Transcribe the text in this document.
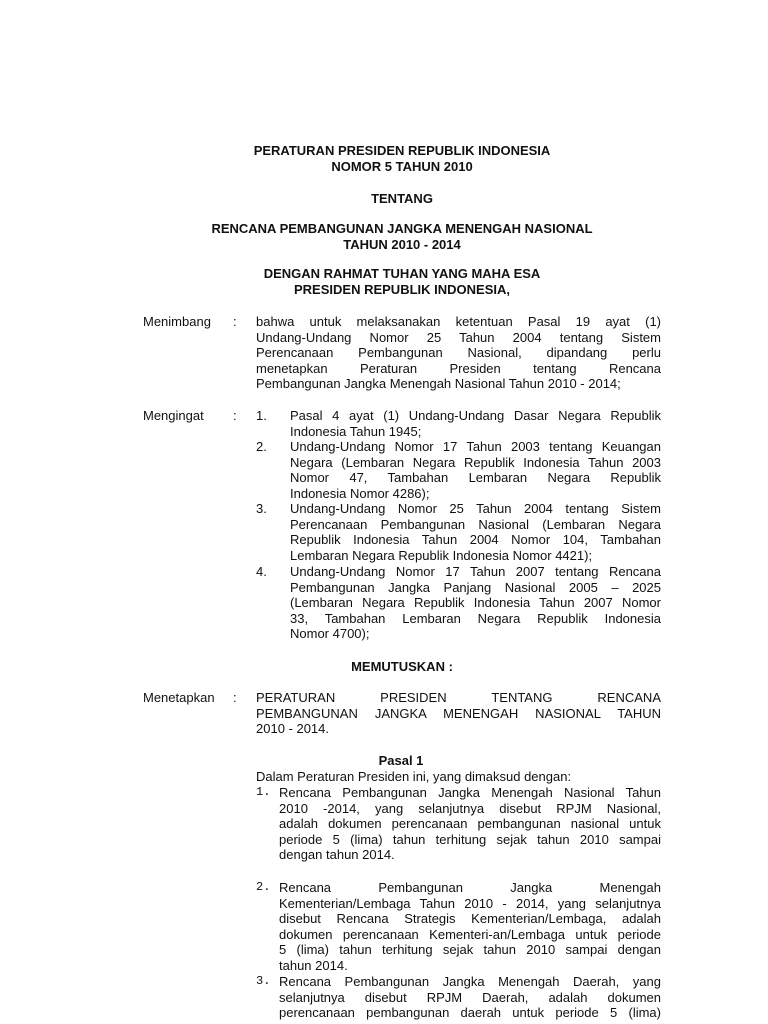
PERATURAN PRESIDEN REPUBLIK INDONESIA
NOMOR 5 TAHUN 2010
TENTANG
RENCANA PEMBANGUNAN JANGKA MENENGAH NASIONAL
TAHUN 2010 - 2014
DENGAN RAHMAT TUHAN YANG MAHA ESA
PRESIDEN REPUBLIK INDONESIA,
Menimbang : bahwa untuk melaksanakan ketentuan Pasal 19 ayat (1)
Undang-Undang Nomor 25 Tahun 2004 tentang Sistem
Perencanaan Pembangunan Nasional, dipandang perlu
menetapkan Peraturan Presiden tentang Rencana
Pembangunan Jangka Menengah Nasional Tahun 2010 - 2014;
Mengingat : 1. Pasal 4 ayat (1) Undang-Undang Dasar Negara Republik
Indonesia Tahun 1945;
2. Undang-Undang Nomor 17 Tahun 2003 tentang Keuangan
Negara (Lembaran Negara Republik Indonesia Tahun 2003
Nomor 47, Tambahan Lembaran Negara Republik
Indonesia Nomor 4286);
3. Undang-Undang Nomor 25 Tahun 2004 tentang Sistem
Perencanaan Pembangunan Nasional (Lembaran Negara
Republik Indonesia Tahun 2004 Nomor 104, Tambahan
Lembaran Negara Republik Indonesia Nomor 4421);
4. Undang-Undang Nomor 17 Tahun 2007 tentang Rencana
Pembangunan Jangka Panjang Nasional 2005 – 2025
(Lembaran Negara Republik Indonesia Tahun 2007 Nomor
33, Tambahan Lembaran Negara Republik Indonesia
Nomor 4700);
MEMUTUSKAN :
Menetapkan : PERATURAN PRESIDEN TENTANG RENCANA
PEMBANGUNAN JANGKA MENENGAH NASIONAL TAHUN
2010 - 2014.
Pasal 1
Dalam Peraturan Presiden ini, yang dimaksud dengan:
1. Rencana Pembangunan Jangka Menengah Nasional Tahun
2010 -2014, yang selanjutnya disebut RPJM Nasional,
adalah dokumen perencanaan pembangunan nasional untuk
periode 5 (lima) tahun terhitung sejak tahun 2010 sampai
dengan tahun 2014.
2. Rencana Pembangunan Jangka Menengah
Kementerian/Lembaga Tahun 2010 - 2014, yang selanjutnya
disebut Rencana Strategis Kementerian/Lembaga, adalah
dokumen perencanaan Kementeri-an/Lembaga untuk periode
5 (lima) tahun terhitung sejak tahun 2010 sampai dengan
tahun 2014.
3. Rencana Pembangunan Jangka Menengah Daerah, yang
selanjutnya disebut RPJM Daerah, adalah dokumen
perencanaan pembangunan daerah untuk periode 5 (lima)
